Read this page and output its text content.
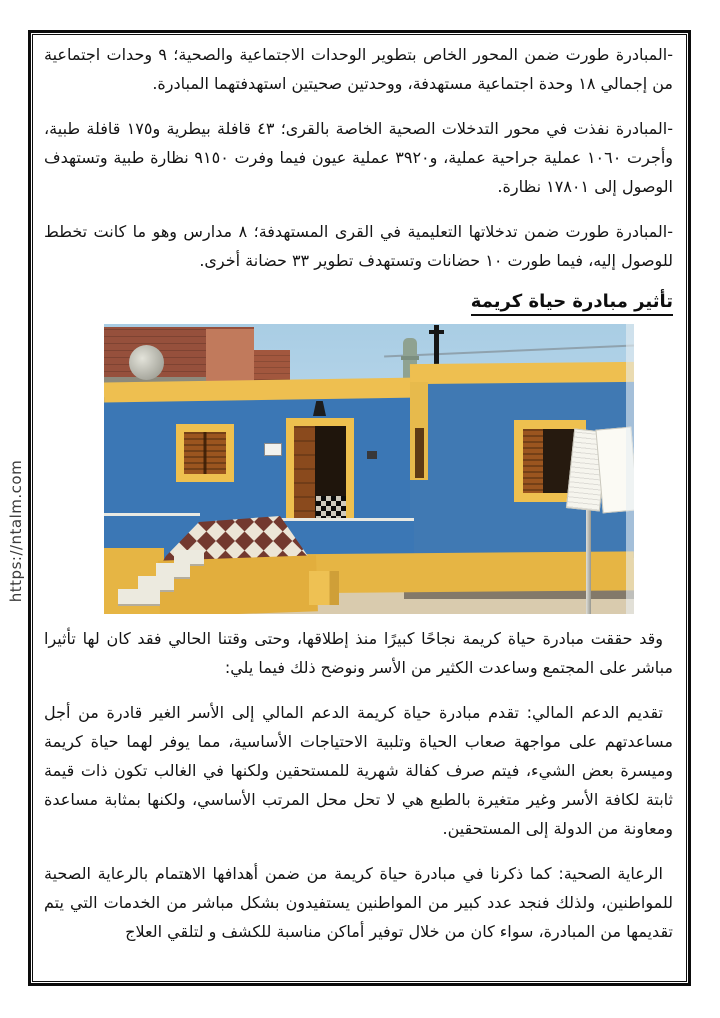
https://ntalm.com

-المبادرة طورت ضمن المحور الخاص بتطوير الوحدات الاجتماعية والصحية؛ ٩ وحدات اجتماعية من إجمالي ١٨ وحدة اجتماعية مستهدفة، ووحدتين صحيتين استهدفتهما المبادرة.

-المبادرة نفذت في محور التدخلات الصحية الخاصة بالقرى؛ ٤٣ قافلة بيطرية و١٧٥ قافلة طبية، وأجرت ١٠٦٠ عملية جراحية عملية، و٣٩٢٠ عملية عيون فيما وفرت ٩١٥٠ نظارة طبية وتستهدف الوصول إلى ١٧٨٠١ نظارة.

-المبادرة طورت ضمن تدخلاتها التعليمية في القرى المستهدفة؛ ٨ مدارس وهو ما كانت تخطط للوصول إليه، فيما طورت ١٠ حضانات وتستهدف تطوير ٣٣ حضانة أخرى.

تأثير مبادرة حياة كريمة

وقد حققت مبادرة حياة كريمة نجاحًا كبيرًا منذ إطلاقها، وحتى وقتنا الحالي فقد كان لها تأثيرا مباشر على المجتمع وساعدت الكثير من الأسر ونوضح ذلك فيما يلي:

تقديم الدعم المالي: تقدم مبادرة حياة كريمة الدعم المالي إلى الأسر الغير قادرة من أجل مساعدتهم على مواجهة صعاب الحياة وتلبية الاحتياجات الأساسية، مما يوفر لهما حياة كريمة وميسرة بعض الشيء، فيتم صرف كفالة شهرية للمستحقين ولكنها في الغالب تكون ذات قيمة ثابتة لكافة الأسر وغير متغيرة بالطبع هي لا تحل محل المرتب الأساسي، ولكنها بمثابة مساعدة ومعاونة من الدولة إلى المستحقين.

الرعاية الصحية: كما ذكرنا في مبادرة حياة كريمة من ضمن أهدافها الاهتمام بالرعاية الصحية للمواطنين، ولذلك فنجد عدد كبير من المواطنين يستفيدون بشكل مباشر من الخدمات التي يتم تقديمها من المبادرة، سواء كان من خلال توفير أماكن مناسبة للكشف و لتلقي العلاج
